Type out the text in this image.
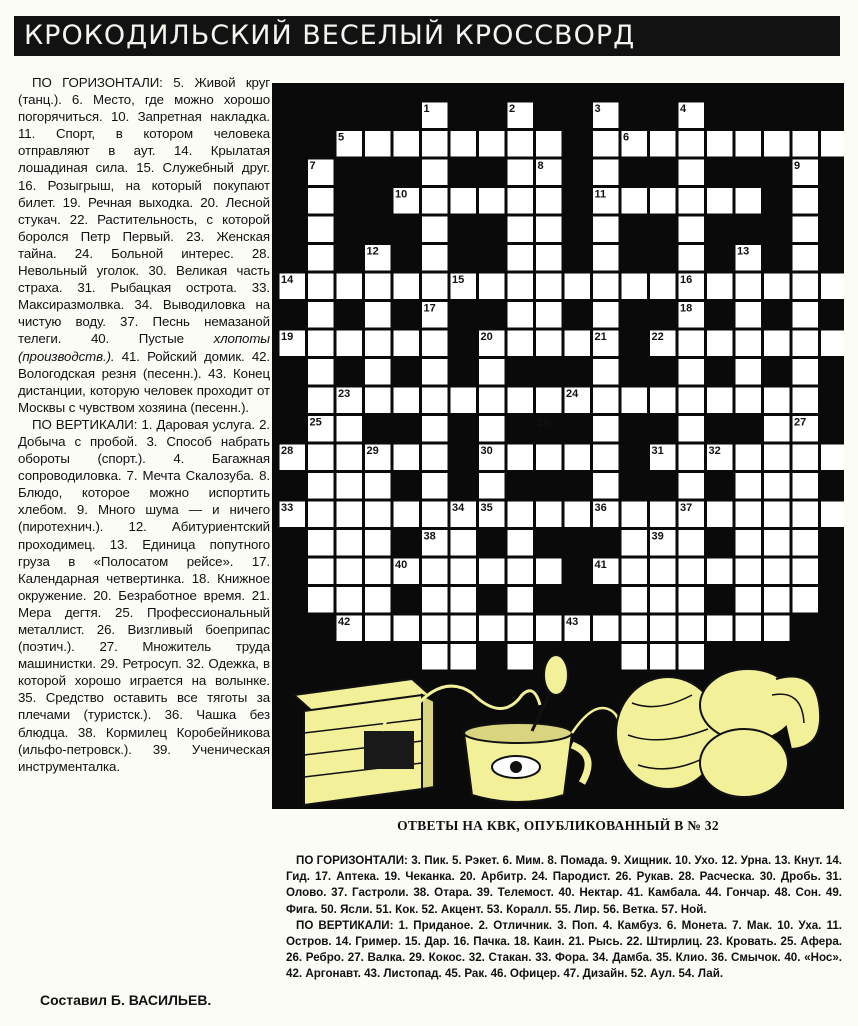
КРОКОДИЛЬСКИЙ ВЕСЕЛЫЙ КРОССВОРД

ПО ГОРИЗОНТАЛИ: 5. Живой круг (танц.). 6. Место, где можно хорошо погорячиться. 10. Запретная накладка. 11. Спорт, в котором человека отправляют в аут. 14. Крылатая лошадиная сила. 15. Служебный друг. 16. Розыгрыш, на который покупают билет. 19. Речная выходка. 20. Лесной стукач. 22. Растительность, с которой боролся Петр Первый. 23. Женская тайна. 24. Больной интерес. 28. Невольный уголок. 30. Великая часть страха. 31. Рыбацкая острота. 33. Максиразмолвка. 34. Выводиловка на чистую воду. 37. Песнь немазаной телеги. 40. Пустые хлопоты (производств.). 41. Ройский домик. 42. Вологодская резня (песенн.). 43. Конец дистанции, которую человек проходит от Москвы с чувством хозяина (песенн.).

ПО ВЕРТИКАЛИ: 1. Даровая услуга. 2. Добыча с пробой. 3. Способ набрать обороты (спорт.). 4. Багажная сопроводиловка. 7. Мечта Скалозуба. 8. Блюдо, которое можно испортить хлебом. 9. Много шума — и ничего (пиротехнич.). 12. Абитуриентский проходимец. 13. Единица попутного груза в «Полосатом рейсе». 17. Календарная четвертинка. 18. Книжное окружение. 20. Безработное время. 21. Мера дегтя. 25. Профессиональный металлист. 26. Визгливый боеприпас (поэтич.). 27. Множитель труда машинистки. 29. Ретросуп. 32. Одежка, в которой хорошо играется на волынке. 35. Средство оставить все тяготы за плечами (туристск.). 36. Чашка без блюдца. 38. Кормилец Коробейникова (ильфо-петровск.). 39. Ученическая инструменталка.

Составил Б. ВАСИЛЬЕВ.
1	2	3	4
5	6
7	8	9
10	11
12	13
14	15	16
17	18
19	20	21	22
23	24
25	26	27
28	29	30	31	32
33	34 35	36	37
38	39
40	41
42	43
ОТВЕТЫ НА КВК, ОПУБЛИКОВАННЫЙ В № 32

ПО ГОРИЗОНТАЛИ: 3. Пик. 5. Рэкет. 6. Мим. 8. Помада. 9. Хищник. 10. Ухо. 12. Урна. 13. Кнут. 14. Гид. 17. Аптека. 19. Чеканка. 20. Арбитр. 24. Пародист. 26. Рукав. 28. Расческа. 30. Дробь. 31. Олово. 37. Гастроли. 38. Отара. 39. Телемост. 40. Нектар. 41. Камбала. 44. Гончар. 48. Сон. 49. Фига. 50. Ясли. 51. Кок. 52. Акцент. 53. Коралл. 55. Лир. 56. Ветка. 57. Ной.

ПО ВЕРТИКАЛИ: 1. Приданое. 2. Отличник. 3. Поп. 4. Камбуз. 6. Монета. 7. Мак. 10. Уха. 11. Остров. 14. Гример. 15. Дар. 16. Пачка. 18. Каин. 21. Рысь. 22. Штирлиц. 23. Кровать. 25. Афера. 26. Ребро. 27. Валка. 29. Кокос. 32. Стакан. 33. Фора. 34. Дамба. 35. Клио. 36. Смычок. 40. «Нос». 42. Аргонавт. 43. Листопад. 45. Рак. 46. Офицер. 47. Дизайн. 52. Аул. 54. Лай.
